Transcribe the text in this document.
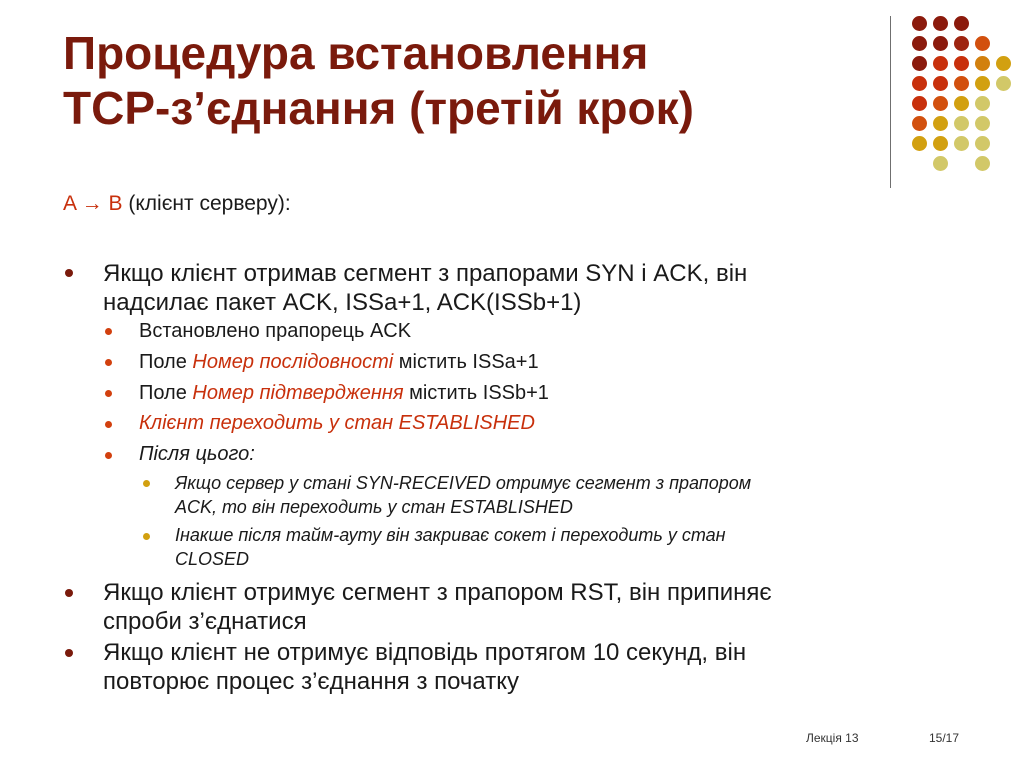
Процедура встановлення
TCP-з’єднання (третій крок)
A → B (клієнт серверу):

Якщо клієнт отримав сегмент з прапорами SYN і ACK, він
надсилає пакет ACK, ISSa+1, ACK(ISSb+1)

Встановлено прапорець ACK

Поле Номер послідовності містить ISSa+1

Поле Номер підтвердження містить ISSb+1

Клієнт переходить у стан ESTABLISHED

Після цього:

Якщо сервер у стані SYN-RECEIVED отримує сегмент з прапором
ACK, то він переходить у стан ESTABLISHED

Інакше після тайм-ауту він закриває сокет і переходить у стан
CLOSED

Якщо клієнт отримує сегмент з прапором RST, він припиняє
спроби з’єднатися

Якщо клієнт не отримує відповідь протягом 10 секунд, він
повторює процес з’єднання з початку

Лекція 13	15/17
